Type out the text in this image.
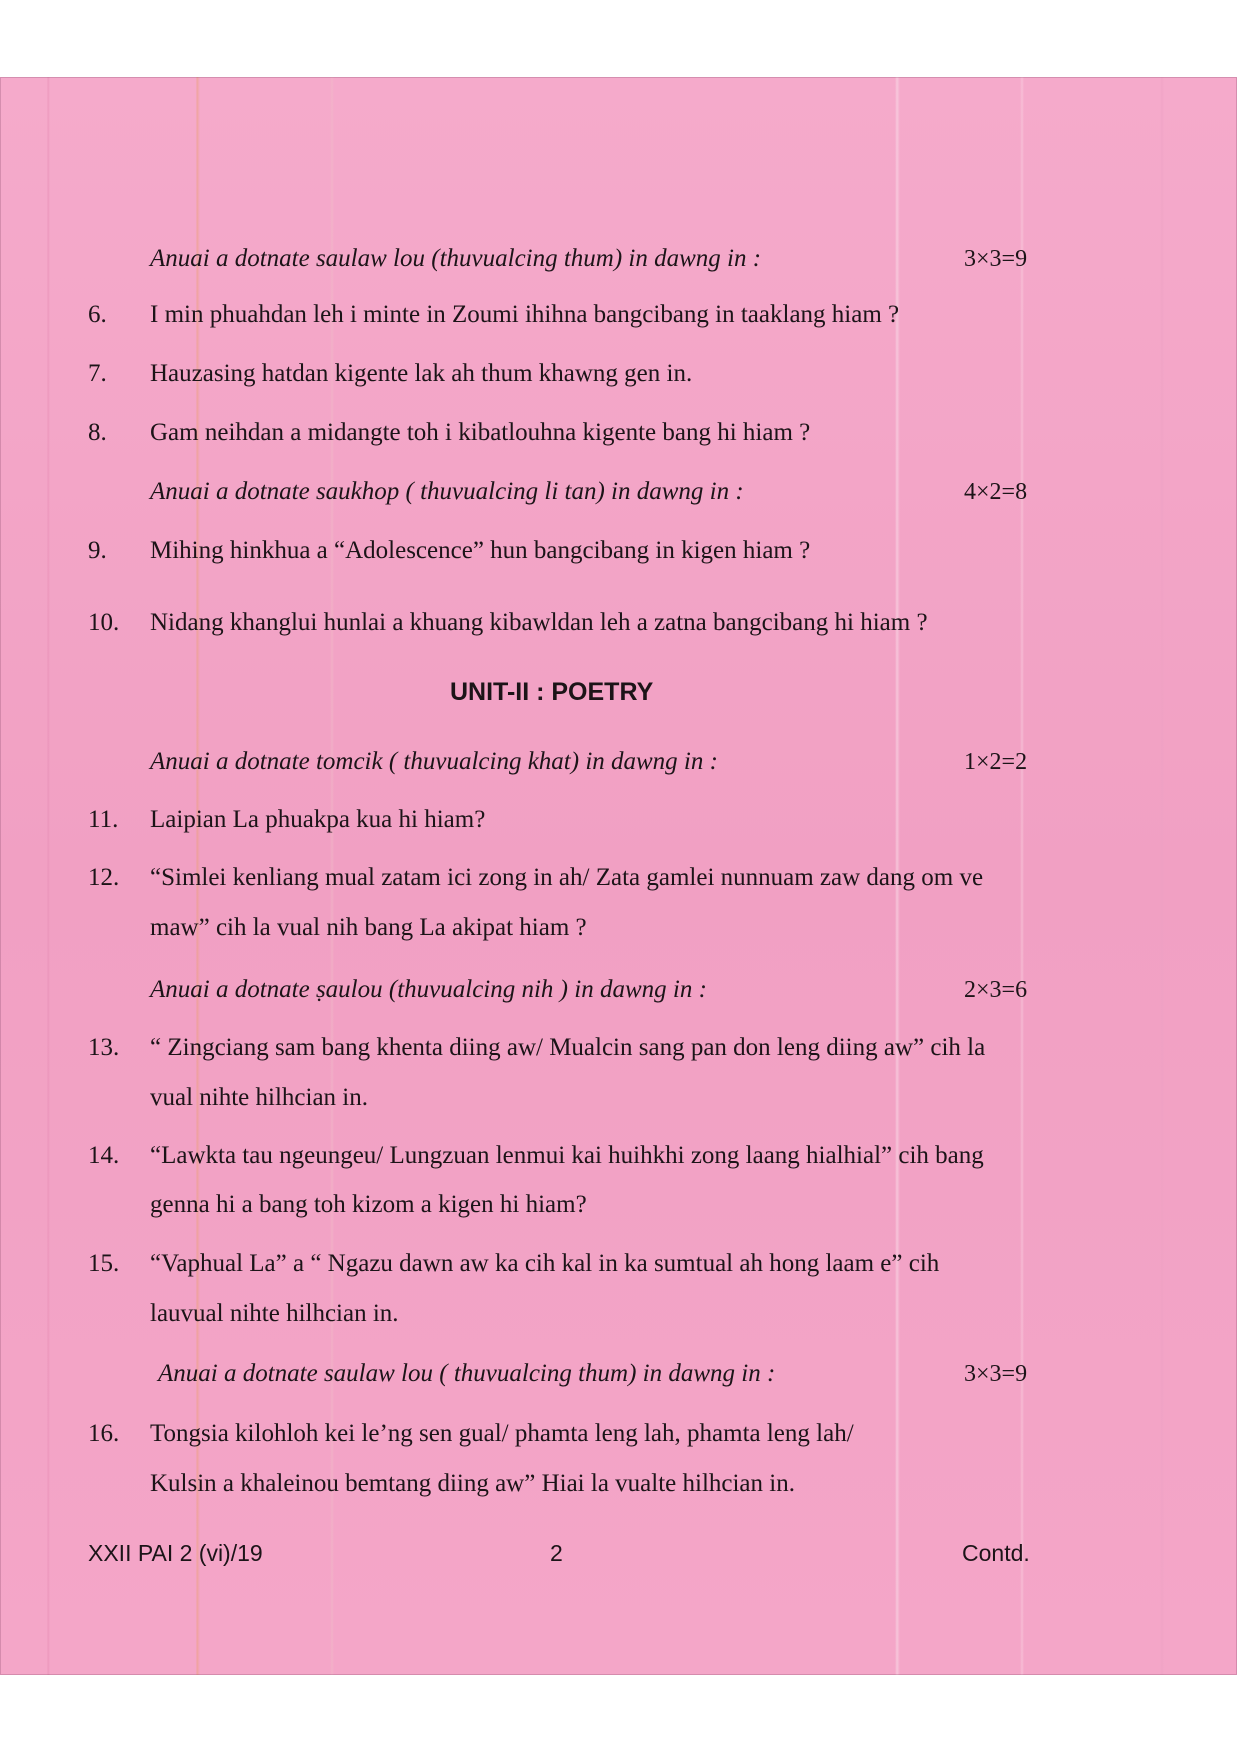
Anuai a dotnate saulaw lou (thuvualcing thum) in dawng in :	3×3=9
6. I min phuahdan leh i minte in Zoumi ihihna bangcibang in taaklang hiam ?
7. Hauzasing hatdan kigente lak ah thum khawng gen in.
8. Gam neihdan a midangte toh i kibatlouhna kigente bang hi hiam ?
Anuai a dotnate saukhop ( thuvualcing li tan) in dawng in :	4×2=8
9. Mihing hinkhua a “Adolescence” hun bangcibang in kigen hiam ?
10. Nidang khanglui hunlai a khuang kibawldan leh a zatna bangcibang hi hiam ?
UNIT-II : POETRY
Anuai a dotnate tomcik ( thuvualcing khat) in dawng in :	1×2=2
11. Laipian La phuakpa kua hi hiam?
12. “Simlei kenliang mual zatam ici zong in ah/ Zata gamlei nunnuam zaw dang om ve
maw” cih la vual nih bang La akipat hiam ?
Anuai a dotnate ṣaulou (thuvualcing nih ) in dawng in :	2×3=6
13. “ Zingciang sam bang khenta diing aw/ Mualcin sang pan don leng diing aw” cih la
vual nihte hilhcian in.
14. “Lawkta tau ngeungeu/ Lungzuan lenmui kai huihkhi zong laang hialhial” cih bang
genna hi a bang toh kizom a kigen hi hiam?
15. “Vaphual La” a “ Ngazu dawn aw ka cih kal in ka sumtual ah hong laam e” cih
lauvual nihte hilhcian in.
Anuai a dotnate saulaw lou ( thuvualcing thum) in dawng in :	3×3=9
16. Tongsia kilohloh kei le’ng sen gual/ phamta leng lah, phamta leng lah/
Kulsin a khaleinou bemtang diing aw” Hiai la vualte hilhcian in.
XXII PAI 2 (vi)/19	2	Contd.
